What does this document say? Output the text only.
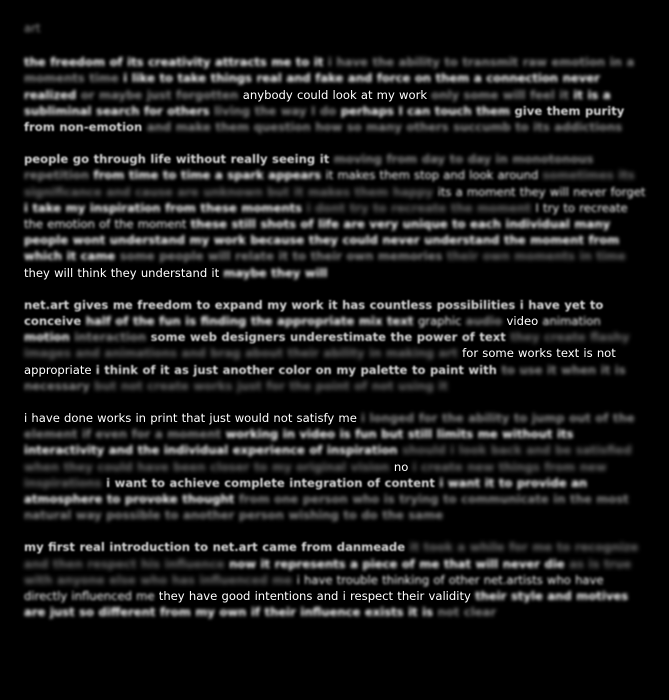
art

the freedom of its creativity attracts me to it i have the ability to transmit raw emotion in a moments time i like to take things real and fake and force on them a connection never realized or maybe just forgotten anybody could look at my work only some will feel it it is a subliminal search for others living the way I do perhaps I can touch them give them purity from non-emotion and make them question how so many others succumb to its addictions

people go through life without really seeing it moving from day to day in monotonous repetition from time to time a spark appears it makes them stop and look around sometimes its significance and cause are unknown but it makes them happy its a moment they will never forget i take my inspiration from these moments i dont try to recreate the moment I try to recreate the emotion of the moment these still shots of life are very unique to each individual many people wont understand my work because they could never understand the moment from which it came some people will relate it to their own memories their own moments in time they will think they understand it maybe they will

net.art gives me freedom to expand my work it has countless possibilities i have yet to conceive half of the fun is finding the appropriate mix text graphic audio video animation motion interaction some web designers underestimate the power of text they create flashy images and animations and brag about their ability in making art for some works text is not appropriate i think of it as just another color on my palette to paint with to use it when it is necessary but not create works just for the point of not using it

i have done works in print that just would not satisfy me i longed for the ability to jump out of the element if even for a moment working in video is fun but still limits me without its interactivity and the individual experience of inspiration should i look back and be satisfied when they could have been closer to my original vision no i create new things from new inspirations i want to achieve complete integration of content i want it to provide an atmosphere to provoke thought from one person who is trying to communicate in the most natural way possible to another person wishing to do the same

my first real introduction to net.art came from danmeade it took a while for me to recognize and then respect his influence now it represents a piece of me that will never die as is true with anyone else who has influenced me i have trouble thinking of other net.artists who have directly influenced me they have good intentions and i respect their validity their style and motives are just so different from my own if their influence exists it is not clear
